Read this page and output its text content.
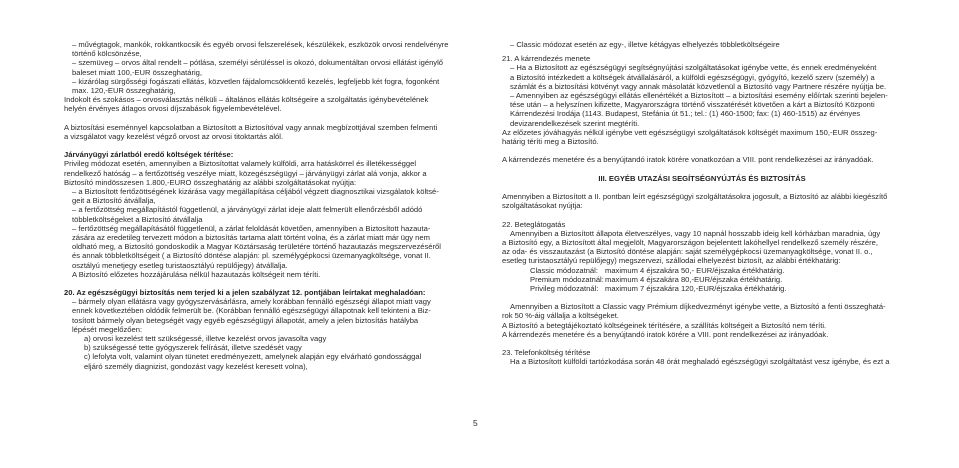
– művégtagok, mankók, rokkantkocsik és egyéb orvosi felszerelések, készülékek, eszközök orvosi rendelvényre
történő kölcsönzése,
– szemüveg – orvos által rendelt – pótlása, személyi sérüléssel is okozó, dokumentáltan orvosi ellátást igénylő
baleset miatt 100,-EUR összeghatárig,
– kizárólag sürgősségi fogászati ellátás, közvetlen fájdalomcsökkentő kezelés, legfeljebb két fogra, fogonként
max. 120,-EUR összeghatárig,
Indokolt és szokásos – orvosválasztás nélküli – általános ellátás költségeire a szolgáltatás igénybevételének
helyén érvényes átlagos orvosi díjszabások figyelembevételével.
A biztosítási eseménnyel kapcsolatban a Biztosított a Biztosítóval vagy annak megbízottjával szemben felmenti
a vizsgálatot vagy kezelést végző orvost az orvosi titoktartás alól.
Járványügyi zárlatból eredő költségek térítése:
Privileg módozat esetén, amennyiben a Biztosítottat valamely külföldi, arra hatáskörrel és illetékességgel
rendelkező hatóság – a fertőzöttség veszélye miatt, közegészségügyi – járványügyi zárlat alá vonja, akkor a
Biztosító mindösszesen 1.800,-EURO összeghatárig az alábbi szolgáltatásokat nyújtja:
– a Biztosított fertőzöttségének kizárása vagy megállapítása céljából végzett diagnosztikai vizsgálatok költsé-
geit a Biztosító átvállalja,
– a fertőzöttség megállapítástól függetlenül, a járványügyi zárlat ideje alatt felmerült ellenőrzésből adódó
többletköltségeket a Biztosító átvállalja
– fertőzöttség megállapításától függetlenül, a zárlat feloldását követően, amennyiben a Biztosított hazauta-
zására az eredetileg tervezett módon a biztosítás tartama alatt történt volna, és a zárlat miatt már ügy nem
oldható meg, a Biztosító gondoskodik a Magyar Köztársaság területére történő hazautazás megszervezéséről
és annak többletköltségeit ( a Biztosító döntése alapján: pl. személygépkocsi üzemanyagköltsége, vonat II.
osztályú menetjegy esetleg turistaosztályú repülőjegy) átvállalja.
A Biztosító előzetes hozzájárulása nélkül hazautazás költségeit nem téríti.
20. Az egészségügyi biztosítás nem terjed ki a jelen szabályzat 12. pontjában leírtakat meghaladóan:
– bármely olyan ellátásra vagy gyógyszervásárlásra, amely korábban fennálló egészségi állapot miatt vagy
ennek következtében oldódik felmerült be. (Korábban fennálló egészségügyi állapotnak kell tekinteni a Biz-
tosított bármely olyan betegségét vagy egyéb egészségügyi állapotát, amely a jelen biztosítás hatályba
lépését megelőzően:
a) orvosi kezelést tett szükségessé, illetve kezelést orvos javasolta vagy
b) szükségessé tette gyógyszerek felírását, illetve szedését vagy
c) lefolyta volt, valamint olyan tünetet eredményezett, amelynek alapján egy elvárható gondossággal
eljáró személy diagnizist, gondozást vagy kezelést keresett volna),
– Classic módozat esetén az egy-, illetve kétágyas elhelyezés többletköltségeire
21. A kárrendezés menete
– Ha a Biztosított az egészségügyi segítségnyújtási szolgáltatásokat igénybe vette, és ennek eredményeként
a Biztosító intézkedett a költségek átvállalásáról, a külföldi egészségügyi, gyógyító, kezelő szerv (személy) a
számlát és a biztosítási kötvényt vagy annak másolatát közvetlenül a Biztosító vagy Partnere részére nyújtja be.
– Amennyiben az egészségügyi ellátás ellenértékét a Biztosított – a biztosítási esemény előírtak szerinti bejelen-
tése után – a helyszínen kifizette, Magyarországra történő visszatérését követően a kárt a Biztosító Központi
Kárrendezési Irodája (1143. Budapest, Stefánia út 51.; tel.: (1) 460-1500; fax: (1) 460-1515) az érvényes
devizarendelkezések szerint megtéríti.
Az előzetes jóváhagyás nélkül igénybe vett egészségügyi szolgáltatások költségét maximum 150,-EUR összeg-
határig téríti meg a Biztosító.
A kárrendezés menetére és a benyújtandó iratok körére vonatkozóan a VIII. pont rendelkezései az irányadóak.
III. EGYÉB UTAZÁSI SEGÍTSÉGNYÚJTÁS ÉS BIZTOSÍTÁS
Amennyiben a Biztosított a II. pontban leírt egészségügyi szolgáltatásokra jogosult, a Biztosító az alábbi kiegészítő
szolgáltatásokat nyújtja:
22. Beteglátogatás
Amennyiben a Biztosított állapota életveszélyes, vagy 10 napnál hosszabb ideig kell kórházban maradnia, úgy
a Biztosító egy, a Biztosított által megjelölt, Magyarországon bejelentett lakóhellyel rendelkező személy részére,
az oda- és visszautazást (a Biztosító döntése alapján: saját személygépkocsi üzemanyagköltsége, vonat II. o.,
esetleg turistaosztályú repülőjegy) megszervezi, szállodai elhelyezést biztosít, az alábbi értékhatárig:
Classic módozatnál: maximum 4 éjszakára 50,- EUR/éjszaka értékhatárig.
Premium módozatnál:maximum 4 éjszakára 80,-EUR/éjszaka értékhatárig.
Privileg módozatnál: maximum 7 éjszakára 120,-EUR/éjszaka értékhatárig.
Amennyiben a Biztosított a Classic vagy Prémium díjkedvezményt igénybe vette, a Biztosító a fenti összeghatá-
rok 50 %-áig vállalja a költségeket.
A Biztosító a betegtájékoztató költségeinek térítésére, a szállítás költségeit a Biztosító nem téríti.
A kárrendezés menetére és a benyújtandó iratok körére a VIII. pont rendelkezései az irányadóak.
23. Telefonköltség térítése
Ha a Biztosított külföldi tartózkodása során 48 órát meghaladó egészségügyi szolgáltatást vesz igénybe, és ezt a
5
